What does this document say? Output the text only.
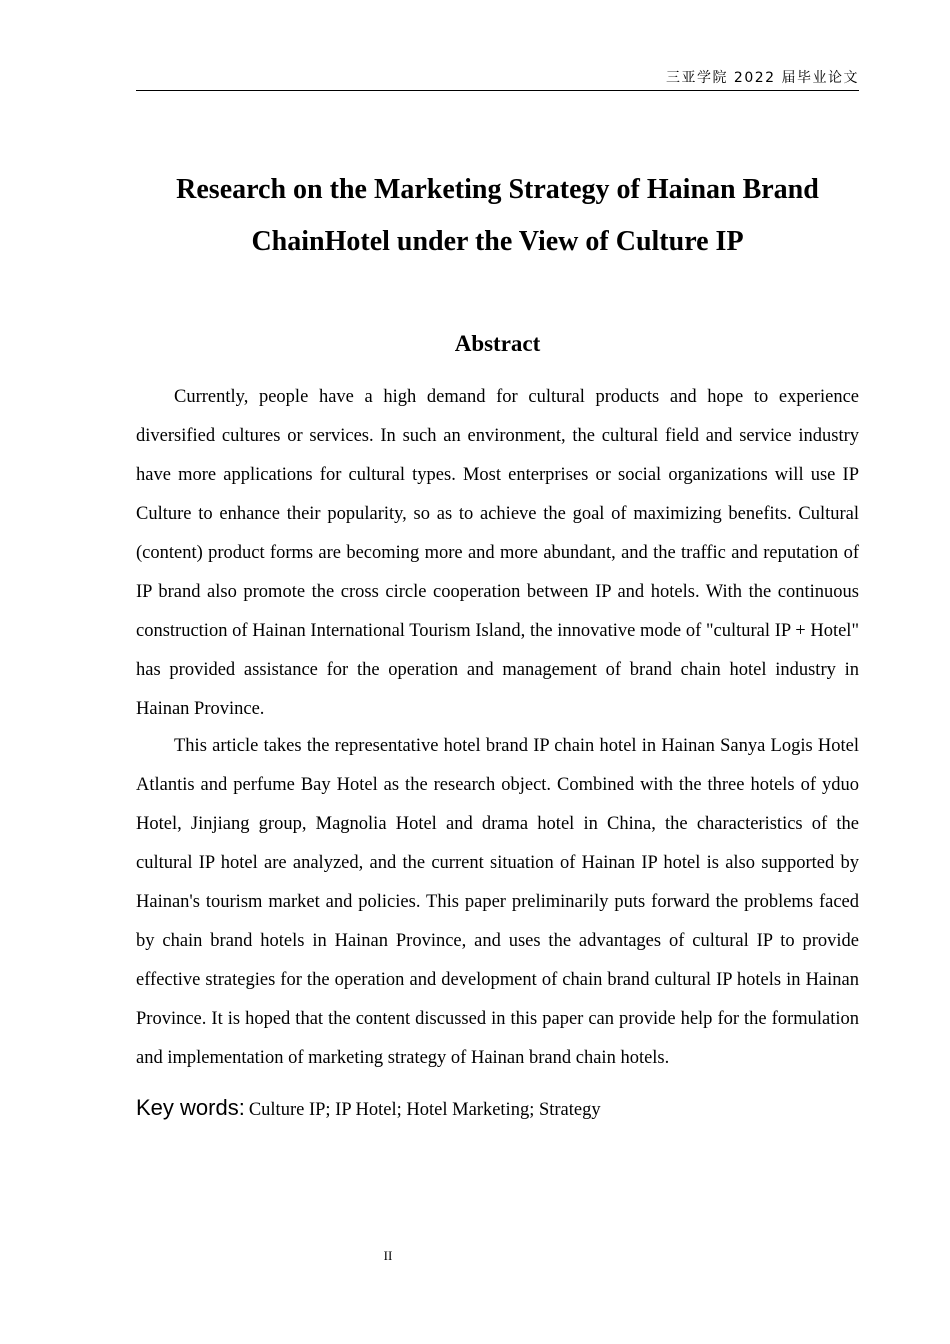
三亚学院 2022 届毕业论文
Research on the Marketing Strategy of Hainan Brand
ChainHotel under the View of Culture IP
Abstract

Currently, people have a high demand for cultural products and hope to experience diversified cultures or services. In such an environment, the cultural field and service industry have more applications for cultural types. Most enterprises or social organizations will use IP Culture to enhance their popularity, so as to achieve the goal of maximizing benefits. Cultural (content) product forms are becoming more and more abundant, and the traffic and reputation of IP brand also promote the cross circle cooperation between IP and hotels. With the continuous construction of Hainan International Tourism Island, the innovative mode of "cultural IP + Hotel" has provided assistance for the operation and management of brand chain hotel industry in Hainan Province.

This article takes the representative hotel brand IP chain hotel in Hainan Sanya Logis Hotel Atlantis and perfume Bay Hotel as the research object. Combined with the three hotels of yduo Hotel, Jinjiang group, Magnolia Hotel and drama hotel in China, the characteristics of the cultural IP hotel are analyzed, and the current situation of Hainan IP hotel is also supported by Hainan's tourism market and policies. This paper preliminarily puts forward the problems faced by chain brand hotels in Hainan Province, and uses the advantages of cultural IP to provide effective strategies for the operation and development of chain brand cultural IP hotels in Hainan Province. It is hoped that the content discussed in this paper can provide help for the formulation and implementation of marketing strategy of Hainan brand chain hotels.

Key words: Culture IP; IP Hotel; Hotel Marketing; Strategy

II
